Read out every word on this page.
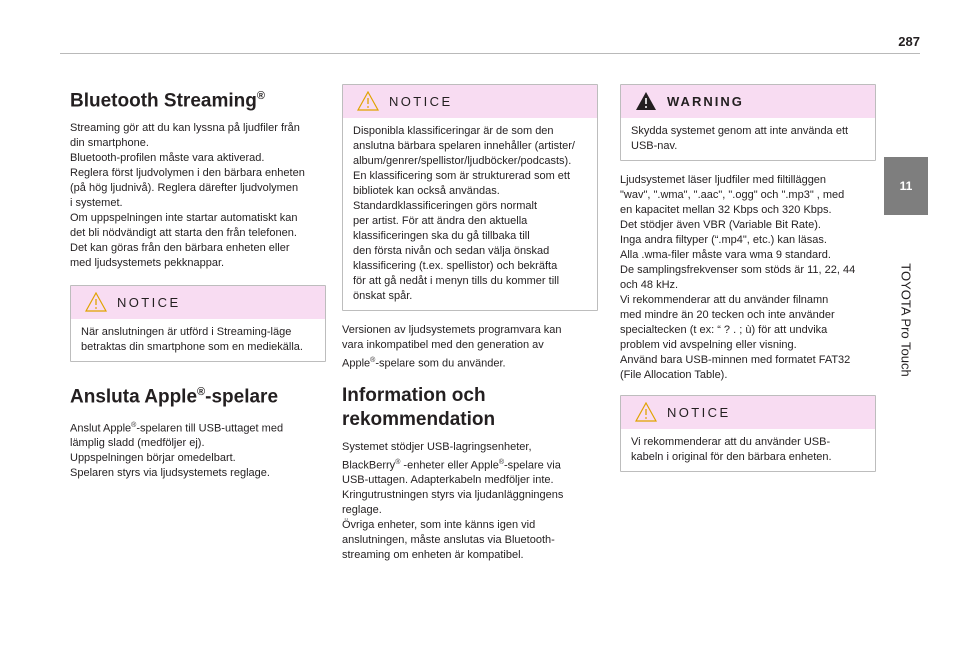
287
11
TOYOTA Pro Touch
Bluetooth Streaming®

Streaming gör att du kan lyssna på ljudfiler från
din smartphone.
Bluetooth-profilen måste vara aktiverad.
Reglera först ljudvolymen i den bärbara enheten
(på hög ljudnivå). Reglera därefter ljudvolymen
i systemet.
Om uppspelningen inte startar automatiskt kan
det bli nödvändigt att starta den från telefonen.
Det kan göras från den bärbara enheten eller
med ljudsystemets pekknappar.

NOTICE

När anslutningen är utförd i Streaming-läge
betraktas din smartphone som en mediekälla.

Ansluta Apple®-spelare

Anslut Apple®-spelaren till USB-uttaget med
lämplig sladd (medföljer ej).
Uppspelningen börjar omedelbart.
Spelaren styrs via ljudsystemets reglage.

NOTICE

Disponibla klassificeringar är de som den
anslutna bärbara spelaren innehåller (artister/
album/genrer/spellistor/ljudböcker/podcasts).
En klassificering som är strukturerad som ett
bibliotek kan också användas.
Standardklassificeringen görs normalt
per artist. För att ändra den aktuella
klassificeringen ska du gå tillbaka till
den första nivån och sedan välja önskad
klassificering (t.ex. spellistor) och bekräfta
för att gå nedåt i menyn tills du kommer till
önskat spår.

Versionen av ljudsystemets programvara kan
vara inkompatibel med den generation av
Apple®-spelare som du använder.

Information och
rekommendation

Systemet stödjer USB-lagringsenheter,
BlackBerry® -enheter eller Apple®-spelare via
USB-uttagen. Adapterkabeln medföljer inte.
Kringutrustningen styrs via ljudanläggningens
reglage.
Övriga enheter, som inte känns igen vid
anslutningen, måste anslutas via Bluetooth-
streaming om enheten är kompatibel.

WARNING

Skydda systemet genom att inte använda ett
USB-nav.

Ljudsystemet läser ljudfiler med filtilläggen
"wav", ".wma", ".aac", ".ogg" och ".mp3" , med
en kapacitet mellan 32 Kbps och 320 Kbps.
Det stödjer även VBR (Variable Bit Rate).
Inga andra filtyper (“.mp4", etc.) kan läsas.
Alla .wma-filer måste vara wma 9 standard.
De samplingsfrekvenser som stöds är 11, 22, 44
och 48 kHz.
Vi rekommenderar att du använder filnamn
med mindre än 20 tecken och inte använder
specialtecken (t ex: “ ? . ; ù) för att undvika
problem vid avspelning eller visning.
Använd bara USB-minnen med formatet FAT32
(File Allocation Table).

NOTICE

Vi rekommenderar att du använder USB-
kabeln i original för den bärbara enheten.
